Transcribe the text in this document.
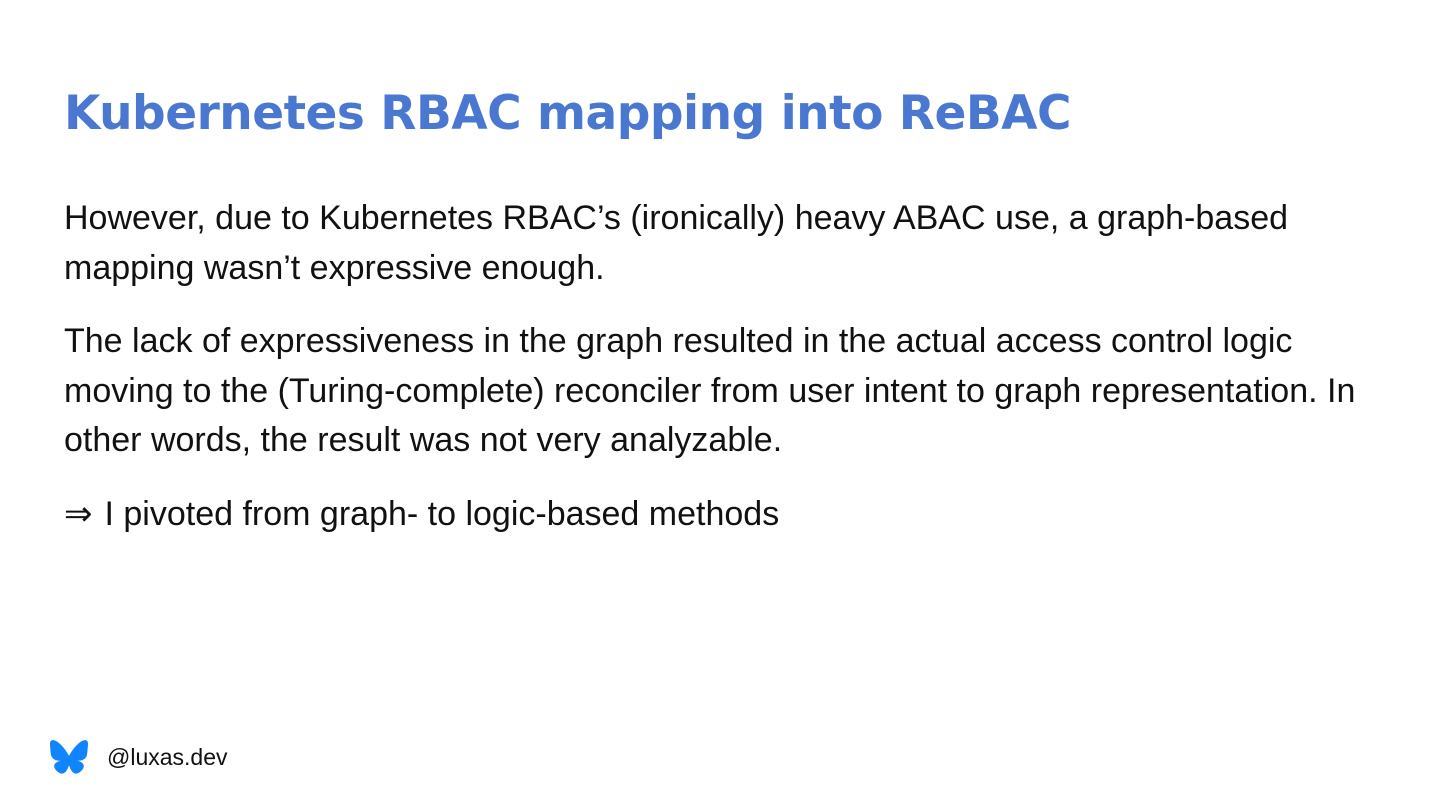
Kubernetes RBAC mapping into ReBAC

However, due to Kubernetes RBAC’s (ironically) heavy ABAC use, a graph-based mapping wasn’t expressive enough.

The lack of expressiveness in the graph resulted in the actual access control logic moving to the (Turing-complete) reconciler from user intent to graph representation. In other words, the result was not very analyzable.

⇒ I pivoted from graph- to logic-based methods

@luxas.dev
